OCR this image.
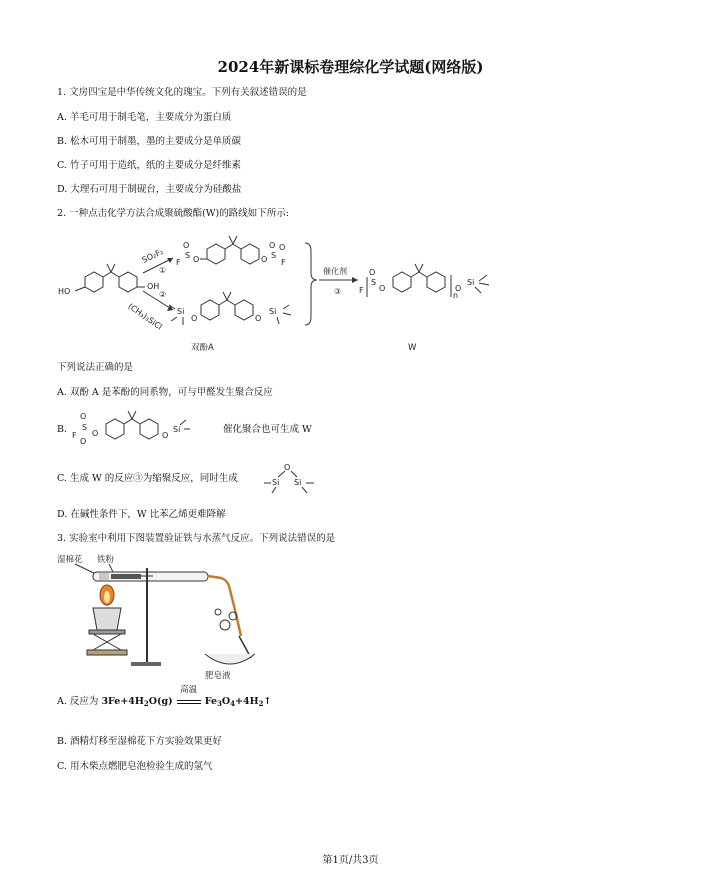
2024年新课标卷理综化学试题(网络版)
1. 文房四宝是中华传统文化的瑰宝。下列有关叙述错误的是
A. 羊毛可用于制毛笔，主要成分为蛋白质
B. 松木可用于制墨，墨的主要成分是单质碳
C. 竹子可用于造纸，纸的主要成分是纤维素
D. 大理石可用于制砚台，主要成分为硅酸盐
2. 一种点击化学方法合成聚硫酸酯(W)的路线如下所示:
HO
OH
SO₂F₂
①
(CH₃)₃SiCl
②
F
S
O
O	O S
O O
F
Si
O	O
Si
催化剂
③ F
S
O
O	O
n
Si
双酚A	W
下列说法正确的是
A. 双酚 A 是苯酚的同系物，可与甲醛发生聚合反应
B.
F
S
O
O
O	O
Si	催化聚合也可生成 W
C. 生成 W 的反应③为缩聚反应，同时生成
O
Si Si
D. 在碱性条件下，W 比苯乙烯更难降解
3. 实验室中利用下图装置验证铁与水蒸气反应。下列说法错误的是
湿棉花 铁粉
肥皂液
A. 反应为 $3Fe+4H_2O(g)$
高温
$Fe_3O_4+4H_2↑$
B. 酒精灯移至湿棉花下方实验效果更好
C. 用木柴点燃肥皂泡检验生成的氢气
第1页/共3页
